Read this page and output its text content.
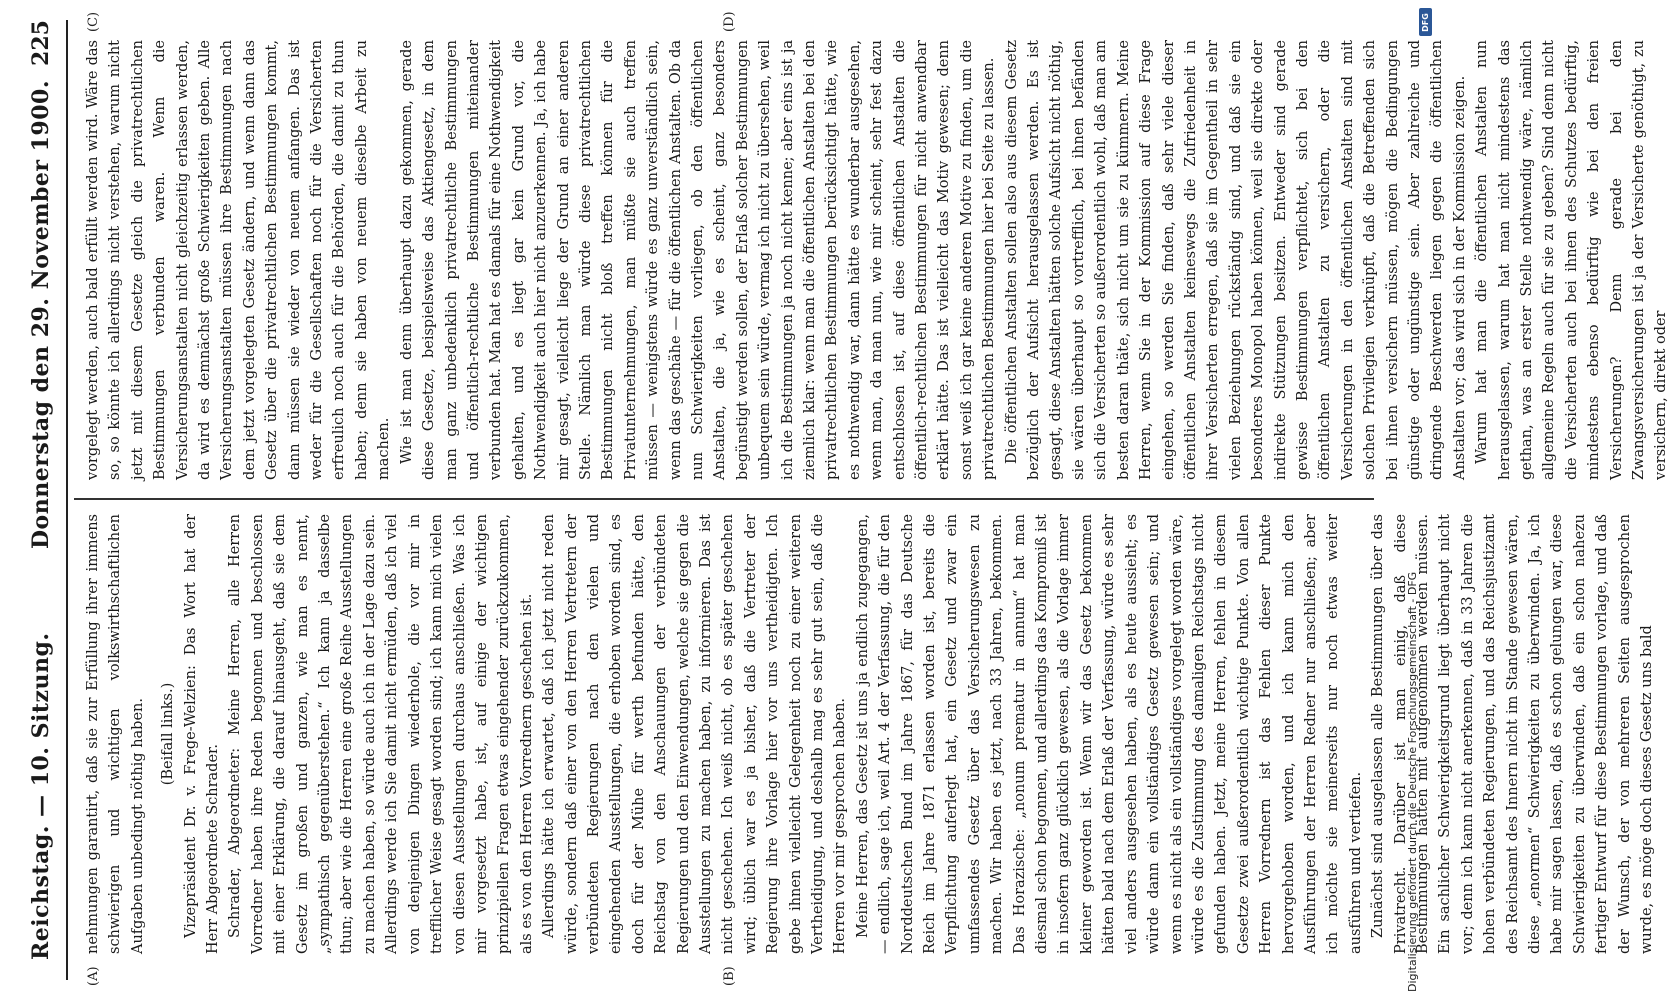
Reichstag. — 10. Sitzung.
Donnerstag den 29. November 1900.
225
(A)	(B)
(C)	(D)

nehmungen garantirt, daß sie zur Erfüllung ihrer immens schwierigen und wichtigen volkswirthschaftlichen Aufgaben unbedingt nöthig haben. (Beifall links.) Vizepräsident Dr. v. Frege-Welzien: Das Wort hat der Herr Abgeordnete Schrader. Schrader, Abgeordneter: Meine Herren, alle Herren Vorredner haben ihre Reden begonnen und beschlossen mit einer Erklärung, die darauf hinausgeht, daß sie dem Gesetz im großen und ganzen, wie man es nennt, „sympathisch gegenüberstehen.“ Ich kann ja dasselbe thun; aber wie die Herren eine große Reihe Ausstellungen zu machen haben, so würde auch ich in der Lage dazu sein. Allerdings werde ich Sie damit nicht ermüden, daß ich viel von denjenigen Dingen wiederhole, die vor mir in trefflicher Weise gesagt worden sind; ich kann mich vielen von diesen Ausstellungen durchaus anschließen. Was ich mir vorgesetzt habe, ist, auf einige der wichtigen prinzipiellen Fragen etwas eingehender zurückzukommen, als es von den Herren Vorrednern geschehen ist. Allerdings hätte ich erwartet, daß ich jetzt nicht reden würde, sondern daß einer von den Herren Vertretern der verbündeten Regierungen nach den vielen und eingehenden Ausstellungen, die erhoben worden sind, es doch für der Mühe für werth befunden hätte, den Reichstag von den Anschauungen der verbündeten Regierungen und den Einwendungen, welche sie gegen die Ausstellungen zu machen haben, zu informieren. Das ist nicht geschehen. Ich weiß nicht, ob es später geschehen wird; üblich war es ja bisher, daß die Vertreter der Regierung ihre Vorlage hier vor uns vertheidigten. Ich gebe ihnen vielleicht Gelegenheit noch zu einer weiteren Vertheidigung, und deshalb mag es sehr gut sein, daß die Herren vor mir gesprochen haben. Meine Herren, das Gesetz ist uns ja endlich zugegangen, — endlich, sage ich, weil Art. 4 der Verfassung, die für den Norddeutschen Bund im Jahre 1867, für das Deutsche Reich im Jahre 1871 erlassen worden ist, bereits die Verpflichtung auferlegt hat, ein Gesetz und zwar ein umfassendes Gesetz über das Versicherungswesen zu machen. Wir haben es jetzt, nach 33 Jahren, bekommen. Das Horazische: „nonum prematur in annum“ hat man diesmal schon begonnen, und allerdings das Kompromiß ist in insofern ganz glücklich gewesen, als die Vorlage immer kleiner geworden ist. Wenn wir das Gesetz bekommen hätten bald nach dem Erlaß der Verfassung, würde es sehr viel anders ausgesehen haben, als es heute aussieht; es würde dann ein vollständiges Gesetz gewesen sein; und wenn es nicht als ein vollständiges vorgelegt worden wäre, würde es die Zustimmung des damaligen Reichstags nicht gefunden haben. Jetzt, meine Herren, fehlen in diesem Gesetze zwei außerordentlich wichtige Punkte. Von allen Herren Vorrednern ist das Fehlen dieser Punkte hervorgehoben worden, und ich kann mich den Ausführungen der Herren Redner nur anschließen; aber ich möchte sie meinerseits nur noch etwas weiter ausführen und vertiefen. Zunächst sind ausgelassen alle Bestimmungen über das Privatrecht. Darüber ist man einig, daß diese Bestimmungen hätten mit aufgenommen werden müssen. Ein sachlicher Schwierigkeitsgrund liegt überhaupt nicht vor; denn ich kann nicht anerkennen, daß in 33 Jahren die hohen verbündeten Regierungen, und das Reichsjustizamt des Reichsamt des Innern nicht im Stande gewesen wären, diese „enormen“ Schwierigkeiten zu überwinden. Ja, ich habe mir sagen lassen, daß es schon gelungen war, diese Schwierigkeiten zu überwinden, daß ein schon nahezu fertiger Entwurf für diese Bestimmungen vorlage, und daß der Wunsch, der von mehreren Seiten ausgesprochen wurde, es möge doch dieses Gesetz uns bald

vorgelegt werden, auch bald erfüllt werden wird. Wäre das so, so könnte ich allerdings nicht verstehen, warum nicht jetzt mit diesem Gesetze gleich die privatrechtlichen Bestimmungen verbunden waren. Wenn die Versicherungsanstalten nicht gleichzeitig erlassen werden, da wird es demnächst große Schwierigkeiten geben. Alle Versicherungsanstalten müssen ihre Bestimmungen nach dem jetzt vorgelegten Gesetz ändern, und wenn dann das Gesetz über die privatrechtlichen Bestimmungen kommt, dann müssen sie wieder von neuem anfangen. Das ist weder für die Gesellschaften noch für die Versicherten erfreulich noch auch für die Behörden, die damit zu thun haben; denn sie haben von neuem dieselbe Arbeit zu machen. Wie ist man denn überhaupt dazu gekommen, gerade diese Gesetze, beispielsweise das Aktiengesetz, in dem man ganz unbedenklich privatrechtliche Bestimmungen und öffentlich-rechtliche Bestimmungen miteinander verbunden hat. Man hat es damals für eine Nothwendigkeit gehalten, und es liegt gar kein Grund vor, die Nothwendigkeit auch hier nicht anzuerkennen. Ja, ich habe mir gesagt, vielleicht liege der Grund an einer anderen Stelle. Nämlich man würde diese privatrechtlichen Bestimmungen nicht bloß treffen können für die Privatunternehmungen, man müßte sie auch treffen müssen — wenigstens würde es ganz unverständlich sein, wenn das geschähe — für die öffentlichen Anstalten. Ob da nun Schwierigkeiten vorliegen, ob den öffentlichen Anstalten, die ja, wie es scheint, ganz besonders begünstigt werden sollen, der Erlaß solcher Bestimmungen unbequem sein würde, vermag ich nicht zu übersehen, weil ich die Bestimmungen ja noch nicht kenne; aber eins ist ja ziemlich klar: wenn man die öffentlichen Anstalten bei den privatrechtlichen Bestimmungen berücksichtigt hätte, wie es nothwendig war, dann hätte es wunderbar ausgesehen, wenn man, da man nun, wie mir scheint, sehr fest dazu entschlossen ist, auf diese öffentlichen Anstalten die öffentlich-rechtlichen Bestimmungen für nicht anwendbar erklärt hätte. Das ist vielleicht das Motiv gewesen; denn sonst weiß ich gar keine anderen Motive zu finden, um die privatrechtlichen Bestimmungen hier bei Seite zu lassen. Die öffentlichen Anstalten sollen also aus diesem Gesetz bezüglich der Aufsicht herausgelassen werden. Es ist gesagt, diese Anstalten hätten solche Aufsicht nicht nöthig, sie wären überhaupt so vortrefflich, bei ihnen befänden sich die Versicherten so außerordentlich wohl, daß man am besten daran thäte, sich nicht um sie zu kümmern. Meine Herren, wenn Sie in der Kommission auf diese Frage eingehen, so werden Sie finden, daß sehr viele dieser öffentlichen Anstalten keineswegs die Zufriedenheit in ihrer Versicherten erregen, daß sie im Gegentheil in sehr vielen Beziehungen rückständig sind, und daß sie ein besonderes Monopol haben können, weil sie direkte oder indirekte Stützungen besitzen. Entweder sind gerade gewisse Bestimmungen verpflichtet, sich bei den öffentlichen Anstalten zu versichern, oder die Versicherungen in den öffentlichen Anstalten sind mit solchen Privilegien verknüpft, daß die Betreffenden sich bei ihnen versichern müssen, mögen die Bedingungen günstige oder ungünstige sein. Aber zahlreiche und dringende Beschwerden liegen gegen die öffentlichen Anstalten vor; das wird sich in der Kommission zeigen. Warum hat man die öffentlichen Anstalten nun herausgelassen, warum hat man nicht mindestens das gethan, was an erster Stelle nothwendig wäre, nämlich allgemeine Regeln auch für sie zu geben? Sind denn nicht die Versicherten auch bei ihnen des Schutzes bedürftig, mindestens ebenso bedürftig wie bei den freien Versicherungen? Denn gerade bei den Zwangsversicherungen ist ja der Versicherte genöthigt, zu versichern, direkt oder

Digitalisierung gefördert durch die Deutsche Forschungsgemeinschaft - DFG
DFG
